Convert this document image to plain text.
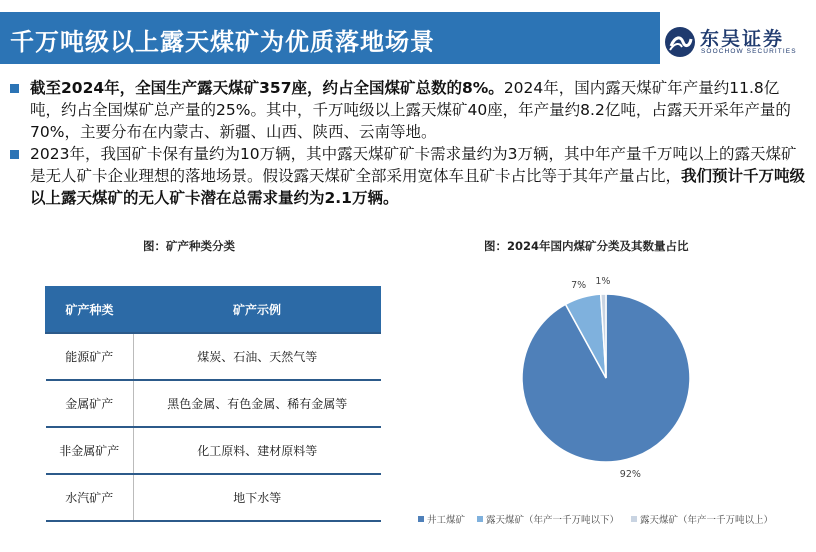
千万吨级以上露天煤矿为优质落地场景	东吴证券
SOOCHOW SECURITIES
截至2024年，全国生产露天煤矿357座，约占全国煤矿总数的8%。2024年，国内露天煤矿年产量约11.8亿吨，约占全国煤矿总产量的25%。其中，千万吨级以上露天煤矿40座，年产量约8.2亿吨，占露天开采年产量的70%，主要分布在内蒙古、新疆、山西、陕西、云南等地。
2023年，我国矿卡保有量约为10万辆，其中露天煤矿矿卡需求量约为3万辆，其中年产量千万吨以上的露天煤矿是无人矿卡企业理想的落地场景。假设露天煤矿全部采用宽体车且矿卡占比等于其年产量占比，我们预计千万吨级以上露天煤矿的无人矿卡潜在总需求量约为2.1万辆。
图：矿产种类分类
矿产种类	矿产示例
能源矿产	煤炭、石油、天然气等
金属矿产	黑色金属、有色金属、稀有金属等
非金属矿产	化工原料、建材原料等
水汽矿产	地下水等
图：2024年国内煤矿分类及其数量占比
92%
7% 1%
井工煤矿 露天煤矿（年产一千万吨以下） 露天煤矿（年产一千万吨以上）
